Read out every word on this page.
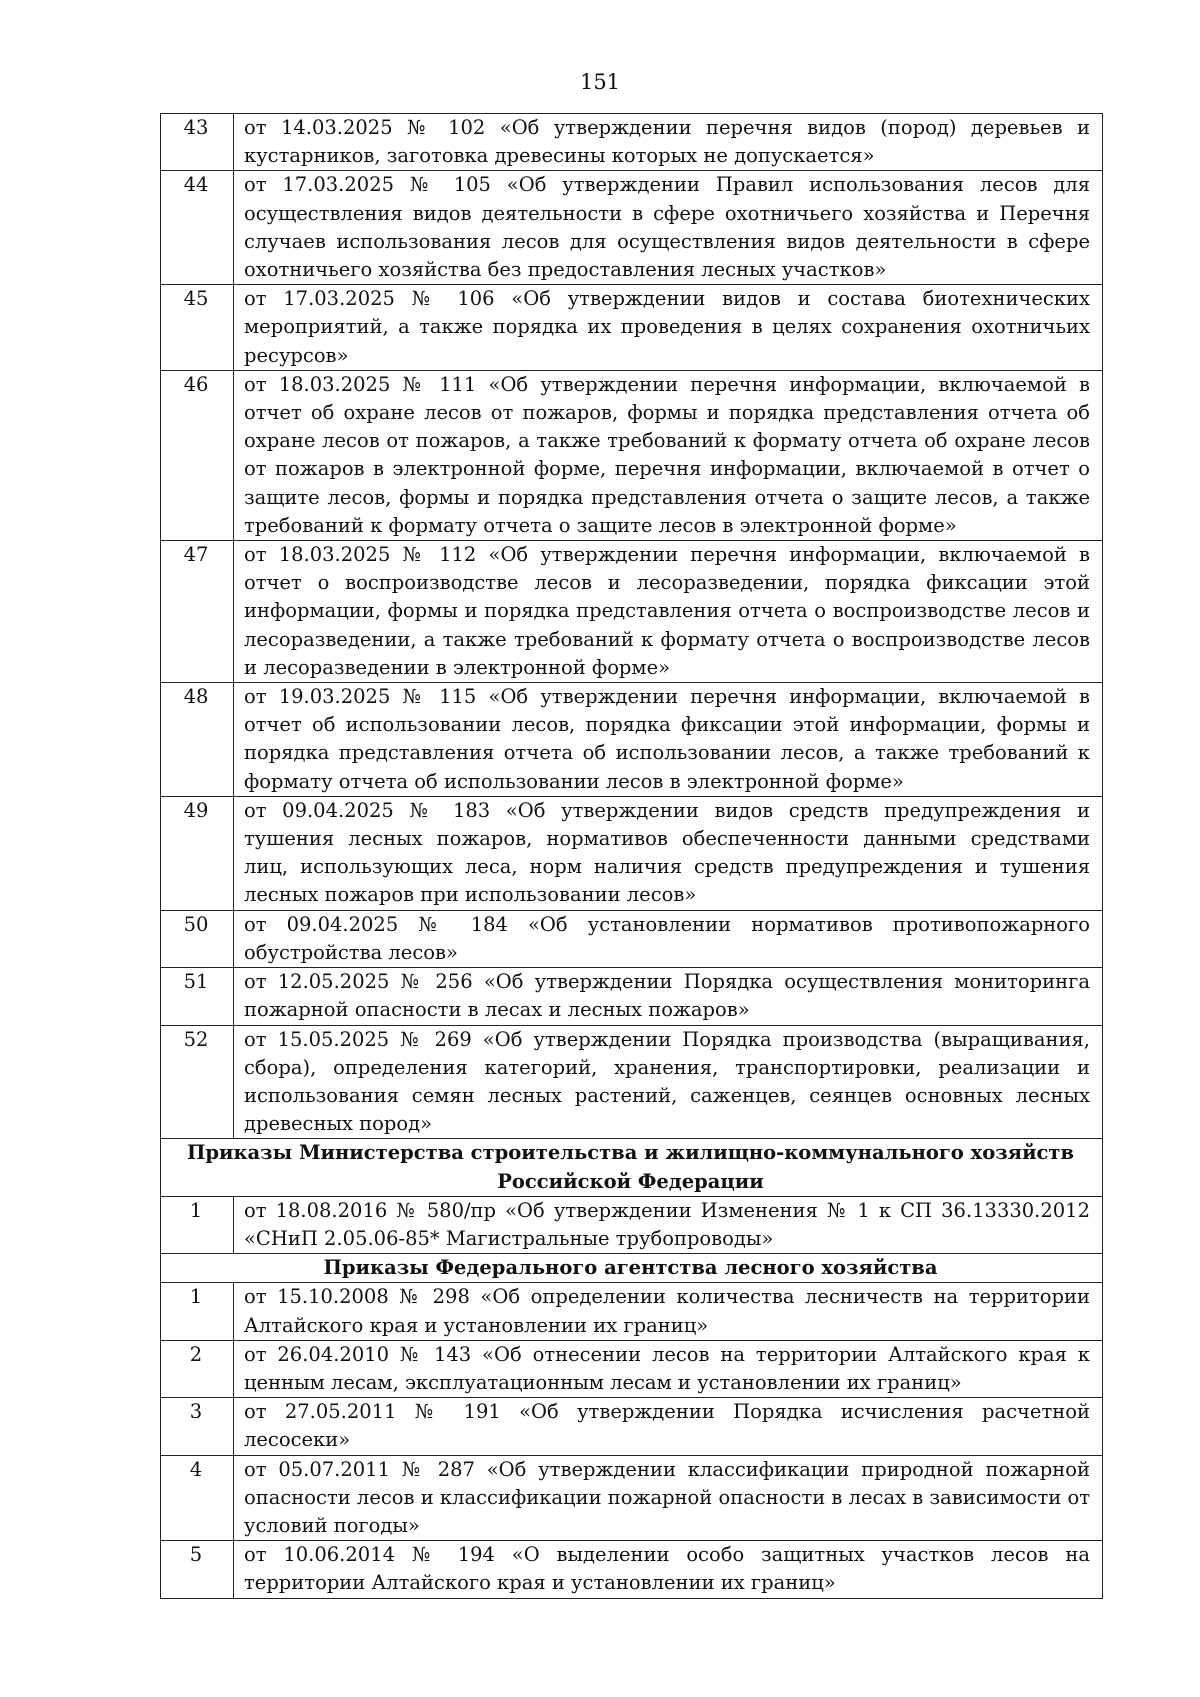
151
43	от 14.03.2025 № 102 «Об утверждении перечня видов (пород) деревьев и кустарников, заготовка древесины которых не допускается»
44	от 17.03.2025 № 105 «Об утверждении Правил использования лесов для осуществления видов деятельности в сфере охотничьего хозяйства и Перечня случаев использования лесов для осуществления видов деятельности в сфере охотничьего хозяйства без предоставления лесных участков»
45	от 17.03.2025 № 106 «Об утверждении видов и состава биотехнических мероприятий, а также порядка их проведения в целях сохранения охотничьих ресурсов»
46	от 18.03.2025 № 111 «Об утверждении перечня информации, включаемой в отчет об охране лесов от пожаров, формы и порядка представления отчета об охране лесов от пожаров, а также требований к формату отчета об охране лесов от пожаров в электронной форме, перечня информации, включаемой в отчет о защите лесов, формы и порядка представления отчета о защите лесов, а также требований к формату отчета о защите лесов в электронной форме»
47	от 18.03.2025 № 112 «Об утверждении перечня информации, включаемой в отчет о воспроизводстве лесов и лесоразведении, порядка фиксации этой информации, формы и порядка представления отчета о воспроизводстве лесов и лесоразведении, а также требований к формату отчета о воспроизводстве лесов и лесоразведении в электронной форме»
48	от 19.03.2025 № 115 «Об утверждении перечня информации, включаемой в отчет об использовании лесов, порядка фиксации этой информации, формы и порядка представления отчета об использовании лесов, а также требований к формату отчета об использовании лесов в электронной форме»
49	от 09.04.2025 № 183 «Об утверждении видов средств предупреждения и тушения лесных пожаров, нормативов обеспеченности данными средствами лиц, использующих леса, норм наличия средств предупреждения и тушения лесных пожаров при использовании лесов»
50	от 09.04.2025 № 184 «Об установлении нормативов противопожарного обустройства лесов»
51	от 12.05.2025 № 256 «Об утверждении Порядка осуществления мониторинга пожарной опасности в лесах и лесных пожаров»
52	от 15.05.2025 № 269 «Об утверждении Порядка производства (выращивания, сбора), определения категорий, хранения, транспортировки, реализации и использования семян лесных растений, саженцев, сеянцев основных лесных древесных пород»

Приказы Министерства строительства и жилищно-коммунального хозяйств
Российской Федерации	

1	от 18.08.2016 № 580/пр «Об утверждении Изменения № 1 к СП 36.13330.2012 «СНиП 2.05.06-85* Магистральные трубопроводы»

Приказы Федерального агентства лесного хозяйства	

1	от 15.10.2008 № 298 «Об определении количества лесничеств на территории Алтайского края и установлении их границ»
2	от 26.04.2010 № 143 «Об отнесении лесов на территории Алтайского края к ценным лесам, эксплуатационным лесам и установлении их границ»
3	от 27.05.2011 № 191 «Об утверждении Порядка исчисления расчетной лесосеки»
4	от 05.07.2011 № 287 «Об утверждении классификации природной пожарной опасности лесов и классификации пожарной опасности в лесах в зависимости от условий погоды»
5	от 10.06.2014 № 194 «О выделении особо защитных участков лесов на территории Алтайского края и установлении их границ»
